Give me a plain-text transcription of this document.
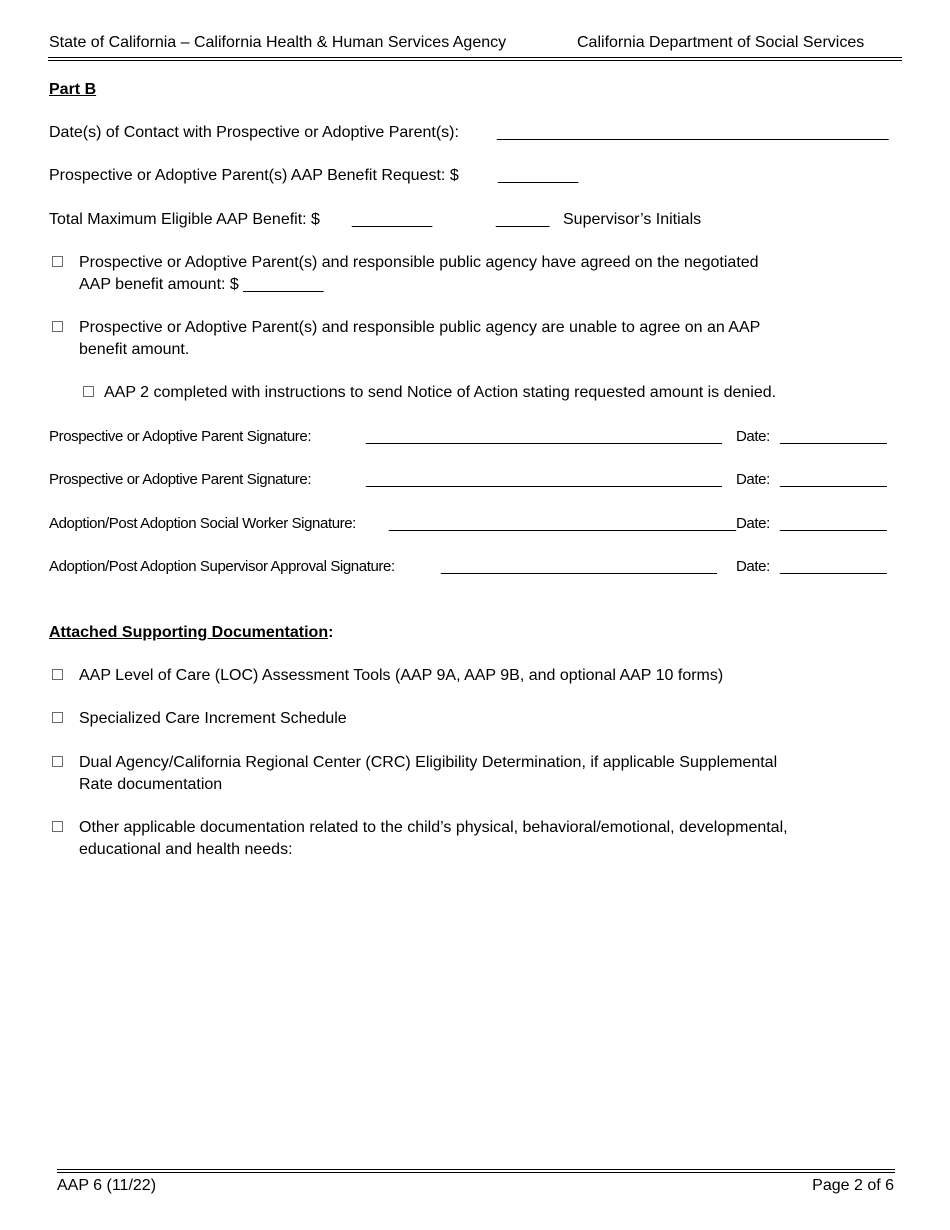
State of California – California Health & Human Services Agency	California Department of Social Services
Part B
Date(s) of Contact with Prospective or Adoptive Parent(s): ____________________________________________
Prospective or Adoptive Parent(s) AAP Benefit Request: $ _________
Total Maximum Eligible AAP Benefit: $ _________	______ Supervisor’s Initials
Prospective or Adoptive Parent(s) and responsible public agency have agreed on the negotiated
AAP benefit amount: $ _________
Prospective or Adoptive Parent(s) and responsible public agency are unable to agree on an AAP
benefit amount.
AAP 2 completed with instructions to send Notice of Action stating requested amount is denied.
Prospective or Adoptive Parent Signature:	________________________________________ Date: ____________
Prospective or Adoptive Parent Signature:	________________________________________ Date: ____________
Adoption/Post Adoption Social Worker Signature: _______________________________________ Date: ____________
Adoption/Post Adoption Supervisor Approval Signature:	_______________________________ Date: ____________
Attached Supporting Documentation:
AAP Level of Care (LOC) Assessment Tools (AAP 9A, AAP 9B, and optional AAP 10 forms)
Specialized Care Increment Schedule
Dual Agency/California Regional Center (CRC) Eligibility Determination, if applicable Supplemental
Rate documentation
Other applicable documentation related to the child’s physical, behavioral/emotional, developmental,
educational and health needs:
AAP 6 (11/22)	Page 2 of 6
